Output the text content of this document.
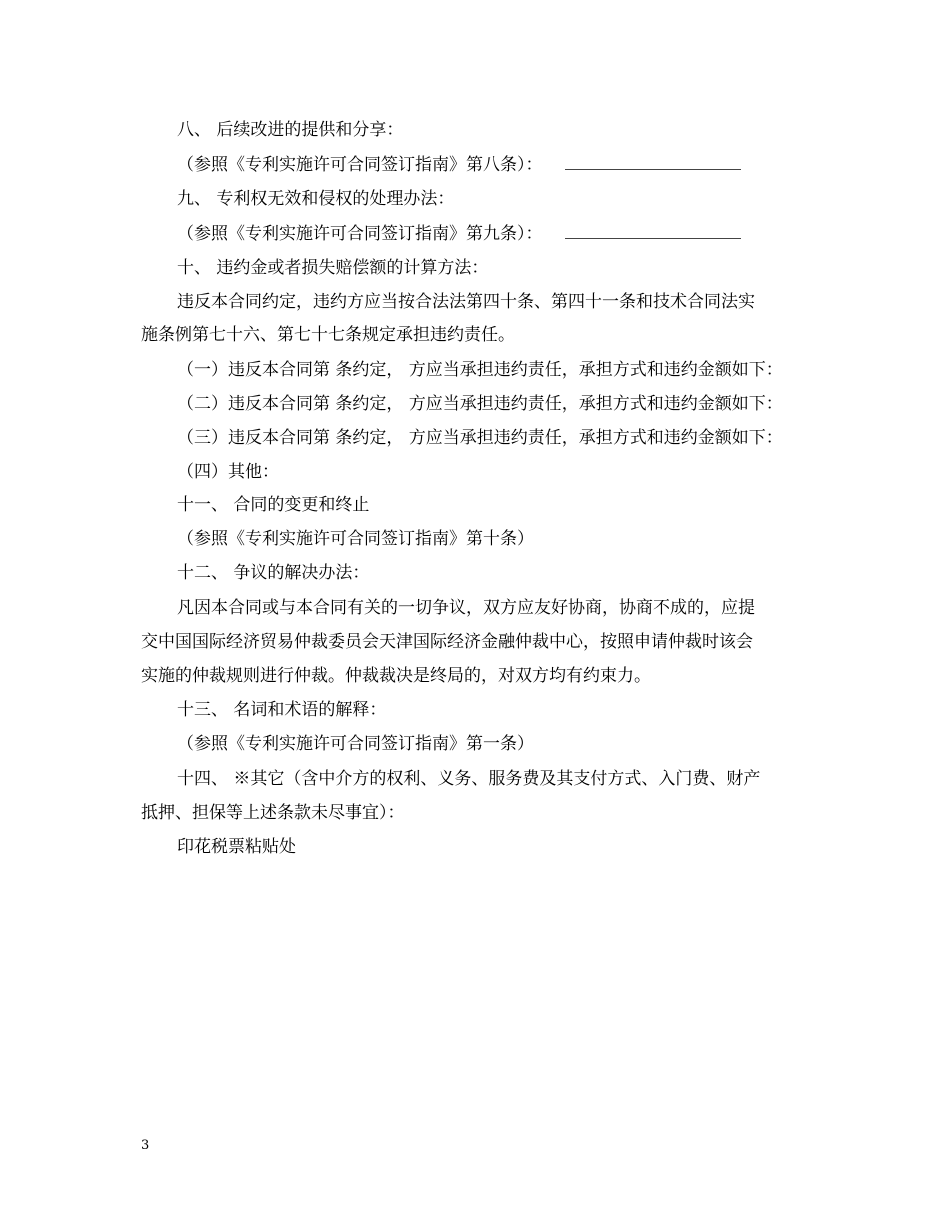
八、 后续改进的提供和分享：
（参照《专利实施许可合同签订指南》第八条）：
九、 专利权无效和侵权的处理办法：
（参照《专利实施许可合同签订指南》第九条）：
十、 违约金或者损失赔偿额的计算方法：
违反本合同约定，违约方应当按合法法第四十条、第四十一条和技术合同法实
施条例第七十六、第七十七条规定承担违约责任。
（一）违反本合同第 条约定， 方应当承担违约责任，承担方式和违约金额如下：
（二）违反本合同第 条约定， 方应当承担违约责任，承担方式和违约金额如下：
（三）违反本合同第 条约定， 方应当承担违约责任，承担方式和违约金额如下：
（四）其他：
十一、 合同的变更和终止
（参照《专利实施许可合同签订指南》第十条）
十二、 争议的解决办法：
凡因本合同或与本合同有关的一切争议，双方应友好协商，协商不成的，应提
交中国国际经济贸易仲裁委员会天津国际经济金融仲裁中心，按照申请仲裁时该会
实施的仲裁规则进行仲裁。仲裁裁决是终局的，对双方均有约束力。
十三、 名词和术语的解释：
（参照《专利实施许可合同签订指南》第一条）
十四、 ※其它（含中介方的权利、义务、服务费及其支付方式、入门费、财产
抵押、担保等上述条款未尽事宜）：
印花税票粘贴处
3
